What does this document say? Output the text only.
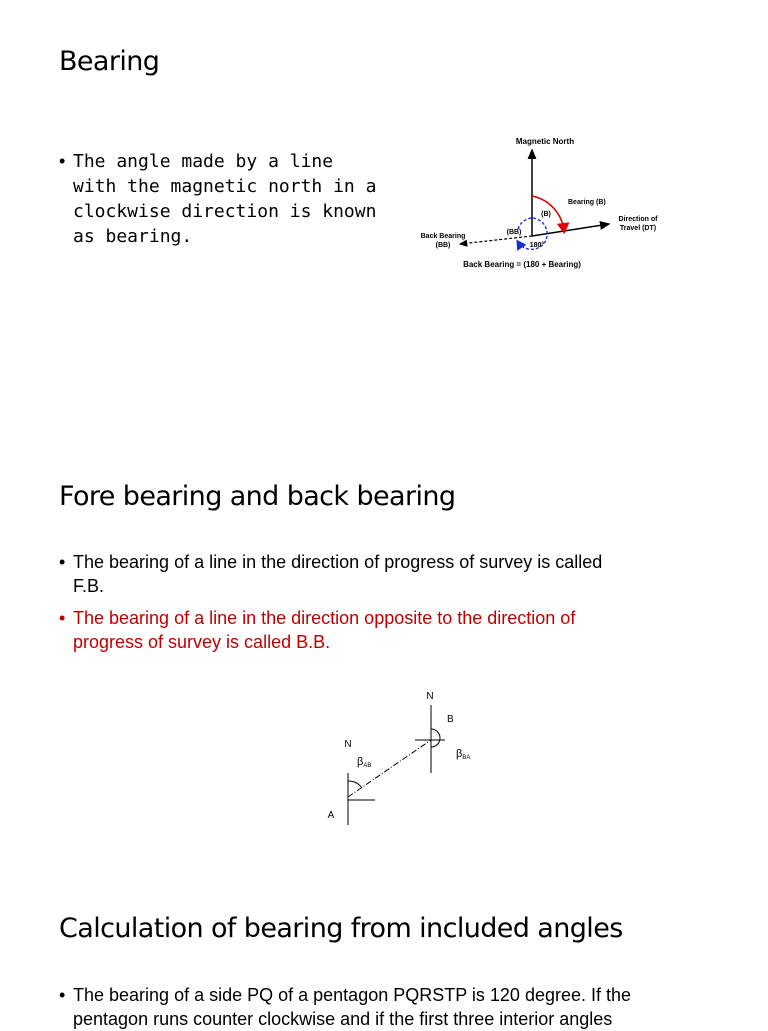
Bearing
• The angle made by a line
with the magnetic north in a
clockwise direction is known
as bearing.
Magnetic North
Bearing (B)
(B)
Direction of
Travel (DT)
Back Bearing
(BB)
(BB)
180°
Back Bearing = (180 + Bearing)
Fore bearing and back bearing
• The bearing of a line in the direction of progress of survey is called
F.B.
• The bearing of a line in the direction opposite to the direction of
progress of survey is called B.B.
N
B
βBA
N
βAB
A
Calculation of bearing from included angles
• The bearing of a side PQ of a pentagon PQRSTP is 120 degree. If the
pentagon runs counter clockwise and if the first three interior angles
